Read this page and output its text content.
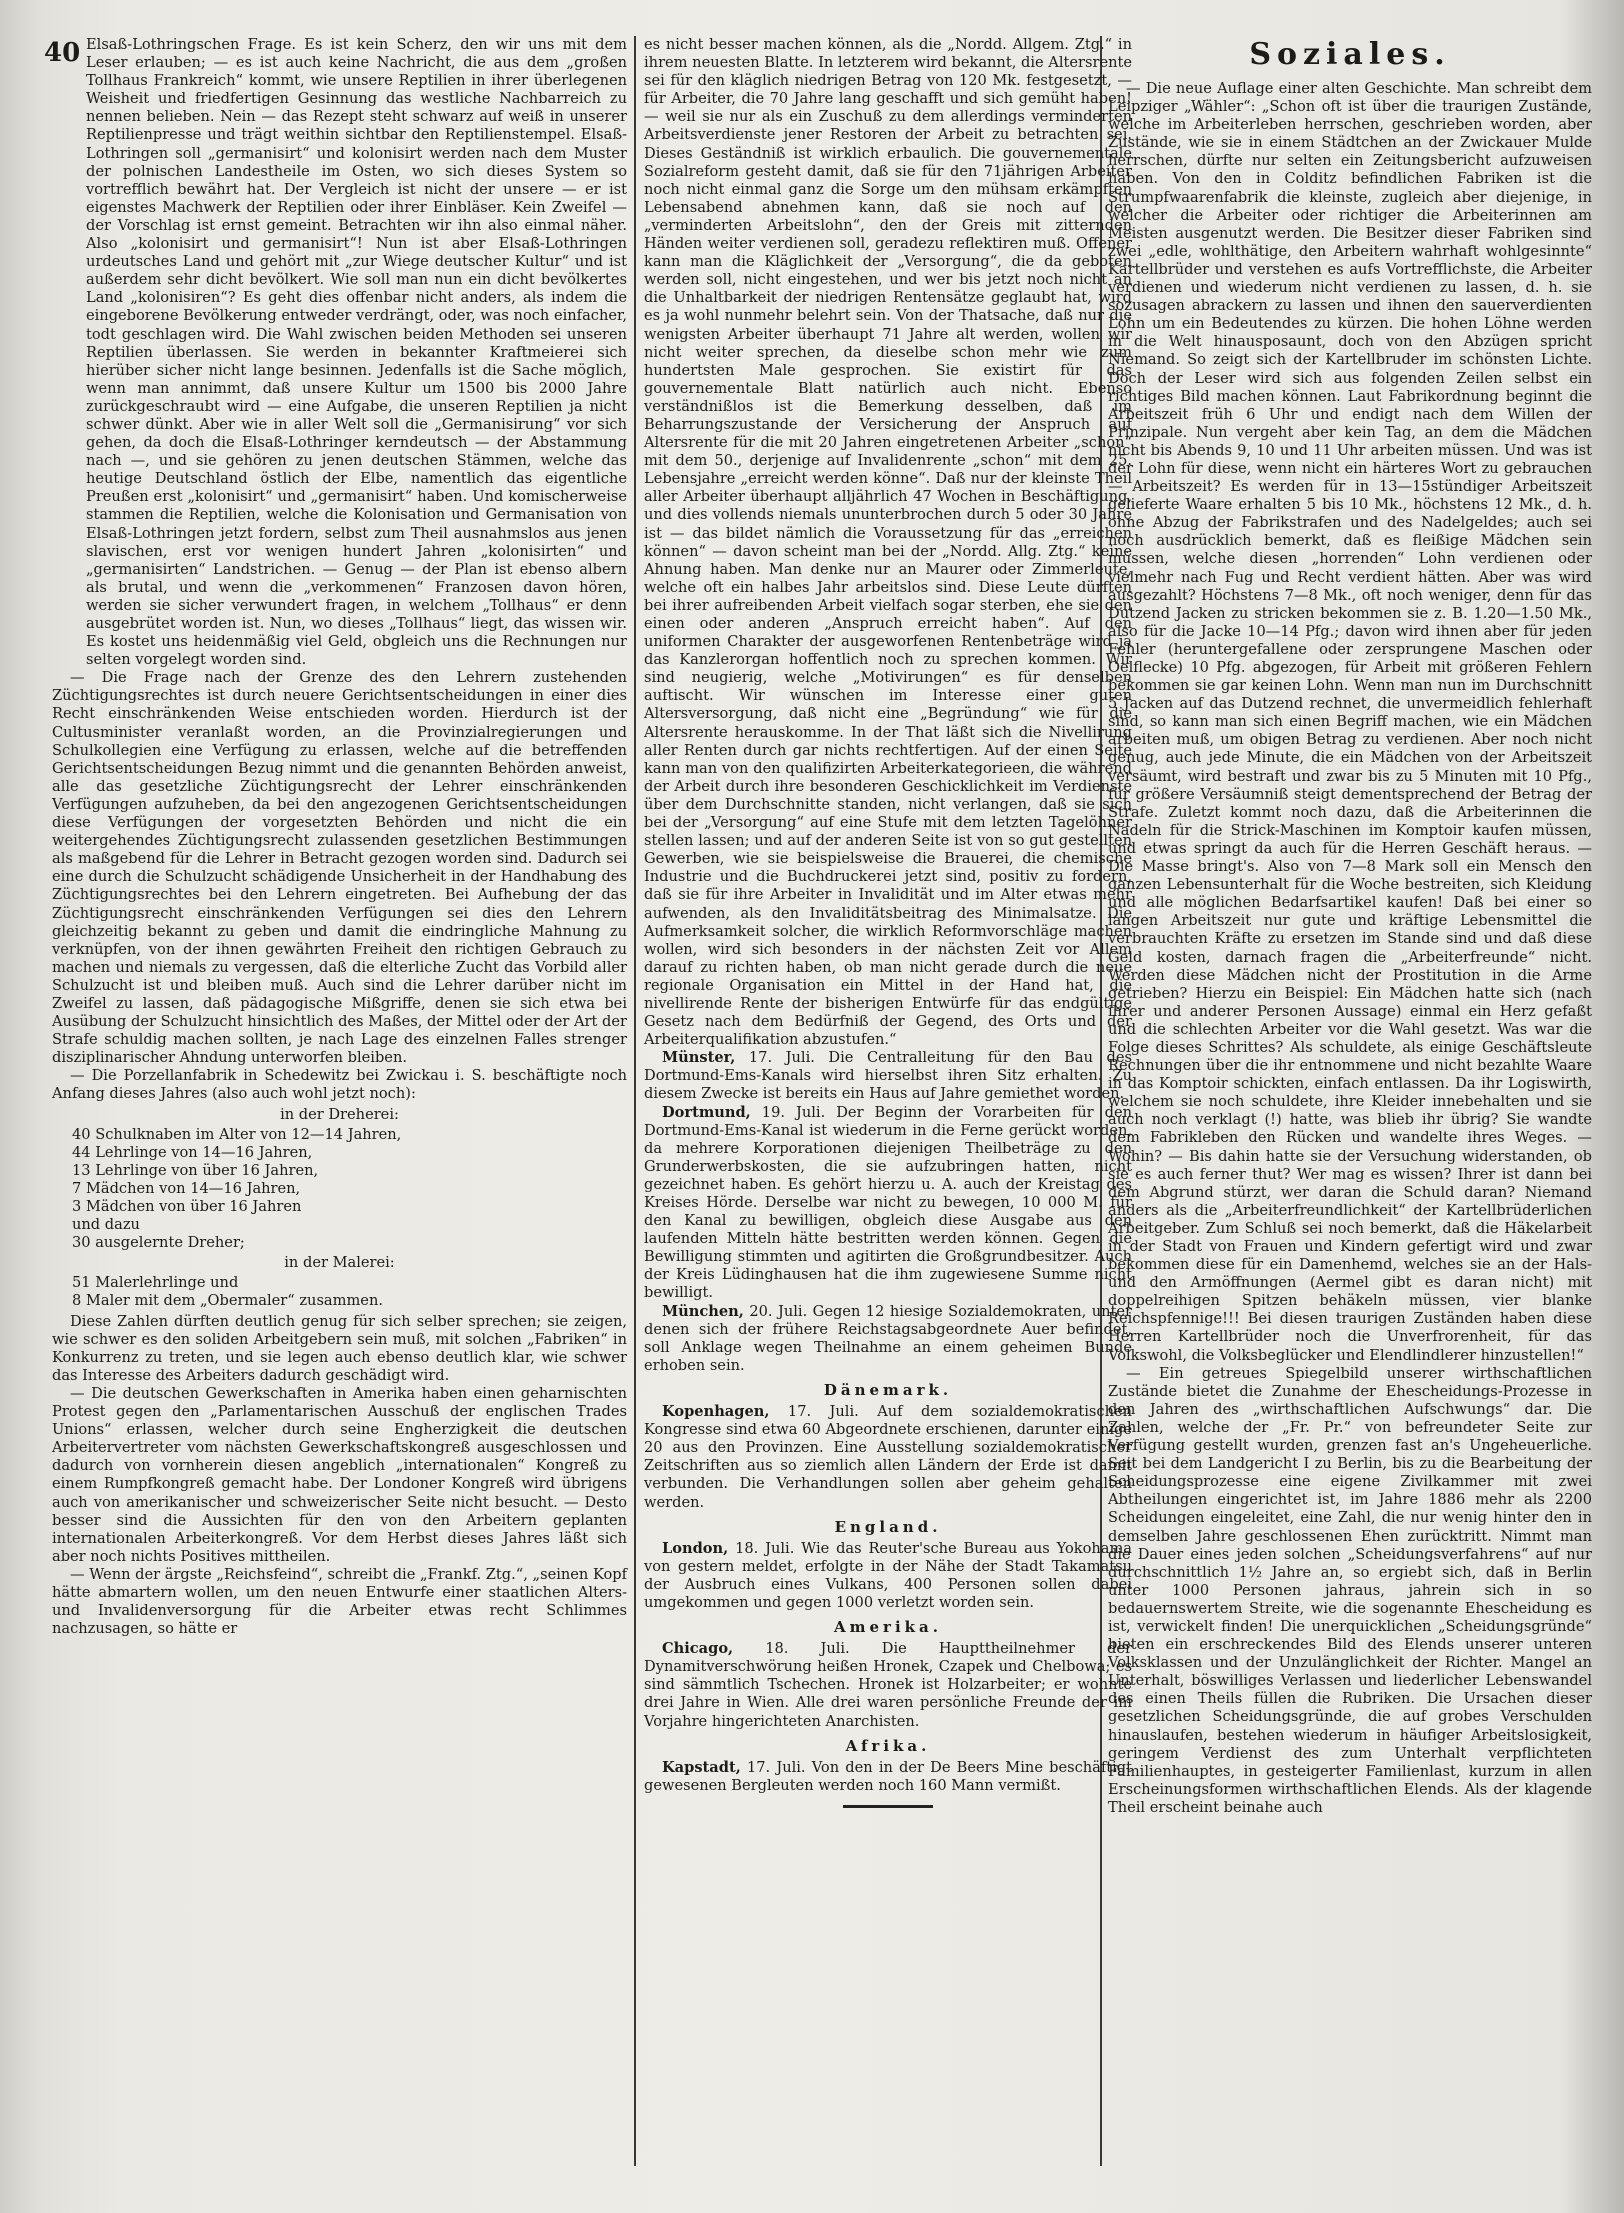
40 Elsaß-Lothringschen Frage. Es ist kein Scherz, den wir uns mit dem Leser erlauben; — es ist auch keine Nachricht, die aus dem „großen Tollhaus Frankreich“ kommt, wie unsere Reptilien in ihrer überlegenen Weisheit und friedfertigen Gesinnung das westliche Nachbarreich zu nennen belieben. Nein — das Rezept steht schwarz auf weiß in unserer Reptilienpresse und trägt weithin sichtbar den Reptilienstempel. Elsaß-Lothringen soll „germanisirt“ und kolonisirt werden nach dem Muster der polnischen Landestheile im Osten, wo sich dieses System so vortrefflich bewährt hat. Der Vergleich ist nicht der unsere — er ist eigenstes Machwerk der Reptilien oder ihrer Einbläser. Kein Zweifel — der Vorschlag ist ernst gemeint. Betrachten wir ihn also einmal näher. Also „kolonisirt und germanisirt“! Nun ist aber Elsaß-Lothringen urdeutsches Land und gehört mit „zur Wiege deutscher Kultur“ und ist außerdem sehr dicht bevölkert. Wie soll man nun ein dicht bevölkertes Land „kolonisiren“? Es geht dies offenbar nicht anders, als indem die eingeborene Bevölkerung entweder verdrängt, oder, was noch einfacher, todt geschlagen wird. Die Wahl zwischen beiden Methoden sei unseren Reptilien überlassen. Sie werden in bekannter Kraftmeierei sich hierüber sicher nicht lange besinnen. Jedenfalls ist die Sache möglich, wenn man annimmt, daß unsere Kultur um 1500 bis 2000 Jahre zurückgeschraubt wird — eine Aufgabe, die unseren Reptilien ja nicht schwer dünkt. Aber wie in aller Welt soll die „Germanisirung“ vor sich gehen, da doch die Elsaß-Lothringer kerndeutsch — der Abstammung nach —, und sie gehören zu jenen deutschen Stämmen, welche das heutige Deutschland östlich der Elbe, namentlich das eigentliche Preußen erst „kolonisirt“ und „germanisirt“ haben. Und komischerweise stammen die Reptilien, welche die Kolonisation und Germanisation von Elsaß-Lothringen jetzt fordern, selbst zum Theil ausnahmslos aus jenen slavischen, erst vor wenigen hundert Jahren „kolonisirten“ und „germanisirten“ Landstrichen. — Genug — der Plan ist ebenso albern als brutal, und wenn die „verkommenen“ Franzosen davon hören, werden sie sicher verwundert fragen, in welchem „Tollhaus“ er denn ausgebrütet worden ist. Nun, wo dieses „Tollhaus“ liegt, das wissen wir. Es kostet uns heidenmäßig viel Geld, obgleich uns die Rechnungen nur selten vorgelegt worden sind.

— Die Frage nach der Grenze des den Lehrern zustehenden Züchtigungsrechtes ist durch neuere Gerichtsentscheidungen in einer dies Recht einschränkenden Weise entschieden worden. Hierdurch ist der Cultusminister veranlaßt worden, an die Provinzialregierungen und Schulkollegien eine Verfügung zu erlassen, welche auf die betreffenden Gerichtsentscheidungen Bezug nimmt und die genannten Behörden anweist, alle das gesetzliche Züchtigungsrecht der Lehrer einschränkenden Verfügungen aufzuheben, da bei den angezogenen Gerichtsentscheidungen diese Verfügungen der vorgesetzten Behörden und nicht die ein weitergehendes Züchtigungsrecht zulassenden gesetzlichen Bestimmungen als maßgebend für die Lehrer in Betracht gezogen worden sind. Dadurch sei eine durch die Schulzucht schädigende Unsicherheit in der Handhabung des Züchtigungsrechtes bei den Lehrern eingetreten. Bei Aufhebung der das Züchtigungsrecht einschränkenden Verfügungen sei dies den Lehrern gleichzeitig bekannt zu geben und damit die eindringliche Mahnung zu verknüpfen, von der ihnen gewährten Freiheit den richtigen Gebrauch zu machen und niemals zu vergessen, daß die elterliche Zucht das Vorbild aller Schulzucht ist und bleiben muß. Auch sind die Lehrer darüber nicht im Zweifel zu lassen, daß pädagogische Mißgriffe, denen sie sich etwa bei Ausübung der Schulzucht hinsichtlich des Maßes, der Mittel oder der Art der Strafe schuldig machen sollten, je nach Lage des einzelnen Falles strenger disziplinarischer Ahndung unterworfen bleiben.

— Die Porzellanfabrik in Schedewitz bei Zwickau i. S. beschäftigte noch Anfang dieses Jahres (also auch wohl jetzt noch):

in der Dreherei:
40 Schulknaben im Alter von 12—14 Jahren,
44 Lehrlinge von 14—16 Jahren,
13 Lehrlinge von über 16 Jahren,
7 Mädchen von 14—16 Jahren,
3 Mädchen von über 16 Jahren
und dazu
30 ausgelernte Dreher;
in der Malerei:
51 Malerlehrlinge und
8 Maler mit dem „Obermaler“ zusammen.

Diese Zahlen dürften deutlich genug für sich selber sprechen; sie zeigen, wie schwer es den soliden Arbeitgebern sein muß, mit solchen „Fabriken“ in Konkurrenz zu treten, und sie legen auch ebenso deutlich klar, wie schwer das Interesse des Arbeiters dadurch geschädigt wird.

— Die deutschen Gewerkschaften in Amerika haben einen geharnischten Protest gegen den „Parlamentarischen Ausschuß der englischen Trades Unions“ erlassen, welcher durch seine Engherzigkeit die deutschen Arbeitervertreter vom nächsten Gewerkschaftskongreß ausgeschlossen und dadurch von vornherein diesen angeblich „internationalen“ Kongreß zu einem Rumpfkongreß gemacht habe. Der Londoner Kongreß wird übrigens auch von amerikanischer und schweizerischer Seite nicht besucht. — Desto besser sind die Aussichten für den von den Arbeitern geplanten internationalen Arbeiterkongreß. Vor dem Herbst dieses Jahres läßt sich aber noch nichts Positives mittheilen.

— Wenn der ärgste „Reichsfeind“, schreibt die „Frankf. Ztg.“, „seinen Kopf hätte abmartern wollen, um den neuen Entwurfe einer staatlichen Alters- und Invalidenversorgung für die Arbeiter etwas recht Schlimmes nachzusagen, so hätte er

es nicht besser machen können, als die „Nordd. Allgem. Ztg.“ in ihrem neuesten Blatte. In letzterem wird bekannt, die Altersrente sei für den kläglich niedrigen Betrag von 120 Mk. festgesetzt, — für Arbeiter, die 70 Jahre lang geschafft und sich gemüht haben! — weil sie nur als ein Zuschuß zu dem allerdings verminderten Arbeitsverdienste jener Restoren der Arbeit zu betrachten sei. Dieses Geständniß ist wirklich erbaulich. Die gouvernementale Sozialreform gesteht damit, daß sie für den 71jährigen Arbeiter noch nicht einmal ganz die Sorge um den mühsam erkämpften Lebensabend abnehmen kann, daß sie noch auf den „verminderten Arbeitslohn“, den der Greis mit zitternden Händen weiter verdienen soll, geradezu reflektiren muß. Offener kann man die Kläglichkeit der „Versorgung“, die da geboten werden soll, nicht eingestehen, und wer bis jetzt noch nicht an die Unhaltbarkeit der niedrigen Rentensätze geglaubt hat, wird es ja wohl nunmehr belehrt sein. Von der Thatsache, daß nur die wenigsten Arbeiter überhaupt 71 Jahre alt werden, wollen wir nicht weiter sprechen, da dieselbe schon mehr wie zum hundertsten Male gesprochen. Sie existirt für das gouvernementale Blatt natürlich auch nicht. Ebenso verständnißlos ist die Bemerkung desselben, daß im Beharrungszustande der Versicherung der Anspruch auf Altersrente für die mit 20 Jahren eingetretenen Arbeiter „schon“ mit dem 50., derjenige auf Invalidenrente „schon“ mit dem 25. Lebensjahre „erreicht werden könne“. Daß nur der kleinste Theil aller Arbeiter überhaupt alljährlich 47 Wochen in Beschäftigung, und dies vollends niemals ununterbrochen durch 5 oder 30 Jahre ist — das bildet nämlich die Voraussetzung für das „erreichen können“ — davon scheint man bei der „Nordd. Allg. Ztg.“ keine Ahnung haben. Man denke nur an Maurer oder Zimmerleute, welche oft ein halbes Jahr arbeitslos sind. Diese Leute dürften bei ihrer aufreibenden Arbeit vielfach sogar sterben, ehe sie den einen oder anderen „Anspruch erreicht haben“. Auf den uniformen Charakter der ausgeworfenen Rentenbeträge wird ja das Kanzlerorgan hoffentlich noch zu sprechen kommen. Wir sind neugierig, welche „Motivirungen“ es für denselben auftischt. Wir wünschen im Interesse einer guten Altersversorgung, daß nicht eine „Begründung“ wie für die Altersrente herauskomme. In der That läßt sich die Nivellirung aller Renten durch gar nichts rechtfertigen. Auf der einen Seite kann man von den qualifizirten Arbeiterkategorieen, die während der Arbeit durch ihre besonderen Geschicklichkeit im Verdienste über dem Durchschnitte standen, nicht verlangen, daß sie sich bei der „Versorgung“ auf eine Stufe mit dem letzten Tagelöhner stellen lassen; und auf der anderen Seite ist von so gut gestellten Gewerben, wie sie beispielsweise die Brauerei, die chemische Industrie und die Buchdruckerei jetzt sind, positiv zu fordern, daß sie für ihre Arbeiter in Invalidität und im Alter etwas mehr aufwenden, als den Invaliditätsbeitrag des Minimalsatze. Die Aufmerksamkeit solcher, die wirklich Reformvorschläge machen wollen, wird sich besonders in der nächsten Zeit vor Allem darauf zu richten haben, ob man nicht gerade durch die neue regionale Organisation ein Mittel in der Hand hat, die nivellirende Rente der bisherigen Entwürfe für das endgültige Gesetz nach dem Bedürfniß der Gegend, des Orts und der Arbeiterqualifikation abzustufen.“

Münster, 17. Juli. Die Centralleitung für den Bau des Dortmund-Ems-Kanals wird hierselbst ihren Sitz erhalten. Zu diesem Zwecke ist bereits ein Haus auf Jahre gemiethet worden.

Dortmund, 19. Juli. Der Beginn der Vorarbeiten für den Dortmund-Ems-Kanal ist wiederum in die Ferne gerückt worden, da mehrere Korporationen diejenigen Theilbeträge zu den Grunderwerbskosten, die sie aufzubringen hatten, nicht gezeichnet haben. Es gehört hierzu u. A. auch der Kreistag des Kreises Hörde. Derselbe war nicht zu bewegen, 10 000 M. für den Kanal zu bewilligen, obgleich diese Ausgabe aus den laufenden Mitteln hätte bestritten werden können. Gegen die Bewilligung stimmten und agitirten die Großgrundbesitzer. Auch der Kreis Lüdinghausen hat die ihm zugewiesene Summe nicht bewilligt.

München, 20. Juli. Gegen 12 hiesige Sozialdemokraten, unter denen sich der frühere Reichstagsabgeordnete Auer befindet, soll Anklage wegen Theilnahme an einem geheimen Bunde erhoben sein.

Dänemark.

Kopenhagen, 17. Juli. Auf dem sozialdemokratischen Kongresse sind etwa 60 Abgeordnete erschienen, darunter einige 20 aus den Provinzen. Eine Ausstellung sozialdemokratischer Zeitschriften aus so ziemlich allen Ländern der Erde ist damit verbunden. Die Verhandlungen sollen aber geheim gehalten werden.

England.

London, 18. Juli. Wie das Reuter'sche Bureau aus Yokohama von gestern meldet, erfolgte in der Nähe der Stadt Takamatsu der Ausbruch eines Vulkans, 400 Personen sollen dabei umgekommen und gegen 1000 verletzt worden sein.

Amerika.

Chicago, 18. Juli. Die Haupttheilnehmer der Dynamitverschwörung heißen Hronek, Czapek und Chelbowa; es sind sämmtlich Tschechen. Hronek ist Holzarbeiter; er wohnte drei Jahre in Wien. Alle drei waren persönliche Freunde der im Vorjahre hingerichteten Anarchisten.

Afrika.

Kapstadt, 17. Juli. Von den in der De Beers Mine beschäftigt gewesenen Bergleuten werden noch 160 Mann vermißt.

Soziales.

— Die neue Auflage einer alten Geschichte. Man schreibt dem Leipziger „Wähler“: „Schon oft ist über die traurigen Zustände, welche im Arbeiterleben herrschen, geschrieben worden, aber Zustände, wie sie in einem Städtchen an der Zwickauer Mulde herrschen, dürfte nur selten ein Zeitungsbericht aufzuweisen haben. Von den in Colditz befindlichen Fabriken ist die Strumpfwaarenfabrik die kleinste, zugleich aber diejenige, in welcher die Arbeiter oder richtiger die Arbeiterinnen am Meisten ausgenutzt werden. Die Besitzer dieser Fabriken sind zwei „edle, wohlthätige, den Arbeitern wahrhaft wohlgesinnte“ Kartellbrüder und verstehen es aufs Vortrefflichste, die Arbeiter verdienen und wiederum nicht verdienen zu lassen, d. h. sie sozusagen abrackern zu lassen und ihnen den sauerverdienten Lohn um ein Bedeutendes zu kürzen. Die hohen Löhne werden in die Welt hinausposaunt, doch von den Abzügen spricht Niemand. So zeigt sich der Kartellbruder im schönsten Lichte. Doch der Leser wird sich aus folgenden Zeilen selbst ein richtiges Bild machen können. Laut Fabrikordnung beginnt die Arbeitszeit früh 6 Uhr und endigt nach dem Willen der Prinzipale. Nun vergeht aber kein Tag, an dem die Mädchen nicht bis Abends 9, 10 und 11 Uhr arbeiten müssen. Und was ist der Lohn für diese, wenn nicht ein härteres Wort zu gebrauchen — Arbeitszeit? Es werden für in 13—15stündiger Arbeitszeit gelieferte Waare erhalten 5 bis 10 Mk., höchstens 12 Mk., d. h. ohne Abzug der Fabrikstrafen und des Nadelgeldes; auch sei noch ausdrücklich bemerkt, daß es fleißige Mädchen sein müssen, welche diesen „horrenden“ Lohn verdienen oder vielmehr nach Fug und Recht verdient hätten. Aber was wird ausgezahlt? Höchstens 7—8 Mk., oft noch weniger, denn für das Dutzend Jacken zu stricken bekommen sie z. B. 1.20—1.50 Mk., also für die Jacke 10—14 Pfg.; davon wird ihnen aber für jeden Fehler (heruntergefallene oder zersprungene Maschen oder Oelflecke) 10 Pfg. abgezogen, für Arbeit mit größeren Fehlern bekommen sie gar keinen Lohn. Wenn man nun im Durchschnitt 5 Jacken auf das Dutzend rechnet, die unvermeidlich fehlerhaft sind, so kann man sich einen Begriff machen, wie ein Mädchen arbeiten muß, um obigen Betrag zu verdienen. Aber noch nicht genug, auch jede Minute, die ein Mädchen von der Arbeitszeit versäumt, wird bestraft und zwar bis zu 5 Minuten mit 10 Pfg., für größere Versäumniß steigt dementsprechend der Betrag der Strafe. Zuletzt kommt noch dazu, daß die Arbeiterinnen die Nadeln für die Strick-Maschinen im Komptoir kaufen müssen, und etwas springt da auch für die Herren Geschäft heraus. — Die Masse bringt's. Also von 7—8 Mark soll ein Mensch den ganzen Lebensunterhalt für die Woche bestreiten, sich Kleidung und alle möglichen Bedarfsartikel kaufen! Daß bei einer so langen Arbeitszeit nur gute und kräftige Lebensmittel die verbrauchten Kräfte zu ersetzen im Stande sind und daß diese Geld kosten, darnach fragen die „Arbeiterfreunde“ nicht. Werden diese Mädchen nicht der Prostitution in die Arme getrieben? Hierzu ein Beispiel: Ein Mädchen hatte sich (nach ihrer und anderer Personen Aussage) einmal ein Herz gefaßt und die schlechten Arbeiter vor die Wahl gesetzt. Was war die Folge dieses Schrittes? Als schuldete, als einige Geschäftsleute Rechnungen über die ihr entnommene und nicht bezahlte Waare in das Komptoir schickten, einfach entlassen. Da ihr Logiswirth, welchem sie noch schuldete, ihre Kleider innebehalten und sie auch noch verklagt (!) hatte, was blieb ihr übrig? Sie wandte dem Fabrikleben den Rücken und wandelte ihres Weges. — Wohin? — Bis dahin hatte sie der Versuchung widerstanden, ob sie es auch ferner thut? Wer mag es wissen? Ihrer ist dann bei dem Abgrund stürzt, wer daran die Schuld daran? Niemand anders als die „Arbeiterfreundlichkeit“ der Kartellbrüderlichen Arbeitgeber. Zum Schluß sei noch bemerkt, daß die Häkelarbeit in der Stadt von Frauen und Kindern gefertigt wird und zwar bekommen diese für ein Damenhemd, welches sie an der Hals- und den Armöffnungen (Aermel gibt es daran nicht) mit doppelreihigen Spitzen behäkeln müssen, vier blanke Reichspfennige!!! Bei diesen traurigen Zuständen haben diese Herren Kartellbrüder noch die Unverfrorenheit, für das Volkswohl, die Volksbeglücker und Elendlindlerer hinzustellen!“

— Ein getreues Spiegelbild unserer wirthschaftlichen Zustände bietet die Zunahme der Ehescheidungs-Prozesse in den Jahren des „wirthschaftlichen Aufschwungs“ dar. Die Zahlen, welche der „Fr. Pr.“ von befreundeter Seite zur Verfügung gestellt wurden, grenzen fast an's Ungeheuerliche. Seit bei dem Landgericht I zu Berlin, bis zu die Bearbeitung der Scheidungsprozesse eine eigene Zivilkammer mit zwei Abtheilungen eingerichtet ist, im Jahre 1886 mehr als 2200 Scheidungen eingeleitet, eine Zahl, die nur wenig hinter den in demselben Jahre geschlossenen Ehen zurücktritt. Nimmt man die Dauer eines jeden solchen „Scheidungsverfahrens“ auf nur durchschnittlich 1½ Jahre an, so ergiebt sich, daß in Berlin unter 1000 Personen jahraus, jahrein sich in so bedauernswertem Streite, wie die sogenannte Ehescheidung es ist, verwickelt finden! Die unerquicklichen „Scheidungsgründe“ bieten ein erschreckendes Bild des Elends unserer unteren Volksklassen und der Unzulänglichkeit der Richter. Mangel an Unterhalt, böswilliges Verlassen und liederlicher Lebenswandel des einen Theils füllen die Rubriken. Die Ursachen dieser gesetzlichen Scheidungsgründe, die auf grobes Verschulden hinauslaufen, bestehen wiederum in häufiger Arbeitslosigkeit, geringem Verdienst des zum Unterhalt verpflichteten Familienhauptes, in gesteigerter Familienlast, kurzum in allen Erscheinungsformen wirthschaftlichen Elends. Als der klagende Theil erscheint beinahe auch
